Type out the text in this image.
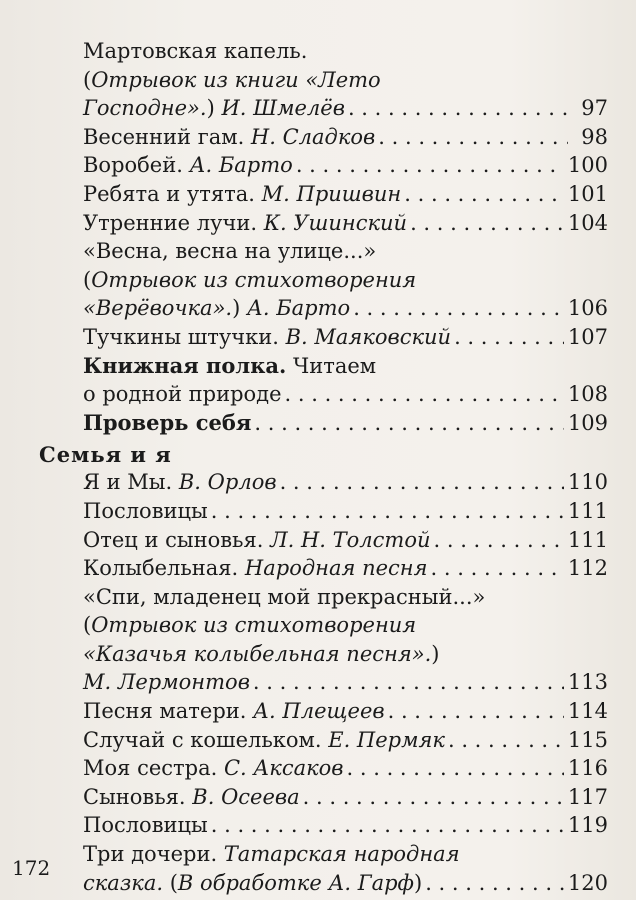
Мартовская капель.
(Отрывок из книги «Лето
Господне».) И. Шмелёв . . .	97
Весенний гам. Н. Сладков . . .	98
Воробей. А. Барто . . .	100
Ребята и утята. М. Пришвин . . .	101
Утренние лучи. К. Ушинский . . .	104
«Весна, весна на улице...»
(Отрывок из стихотворения
«Верёвочка».) А. Барто . . .	106
Тучкины штучки. В. Маяковский . . .	107
Книжная полка. Читаем
о родной природе . . .	108
Проверь себя . . .	109
Семья и я
Я и Мы. В. Орлов . . .	110
Пословицы . . .	111
Отец и сыновья. Л. Н. Толстой . . .	111
Колыбельная. Народная песня . . .	112
«Спи, младенец мой прекрасный...»
(Отрывок из стихотворения
«Казачья колыбельная песня».)
М. Лермонтов . . .	113
Песня матери. А. Плещеев . . .	114
Случай с кошельком. Е. Пермяк . . .	115
Моя сестра. С. Аксаков . . .	116
Сыновья. В. Осеева . . .	117
Пословицы . . .	119
Три дочери. Татарская народная
сказка. (В обработке А. Гарф) . . .	120
172
